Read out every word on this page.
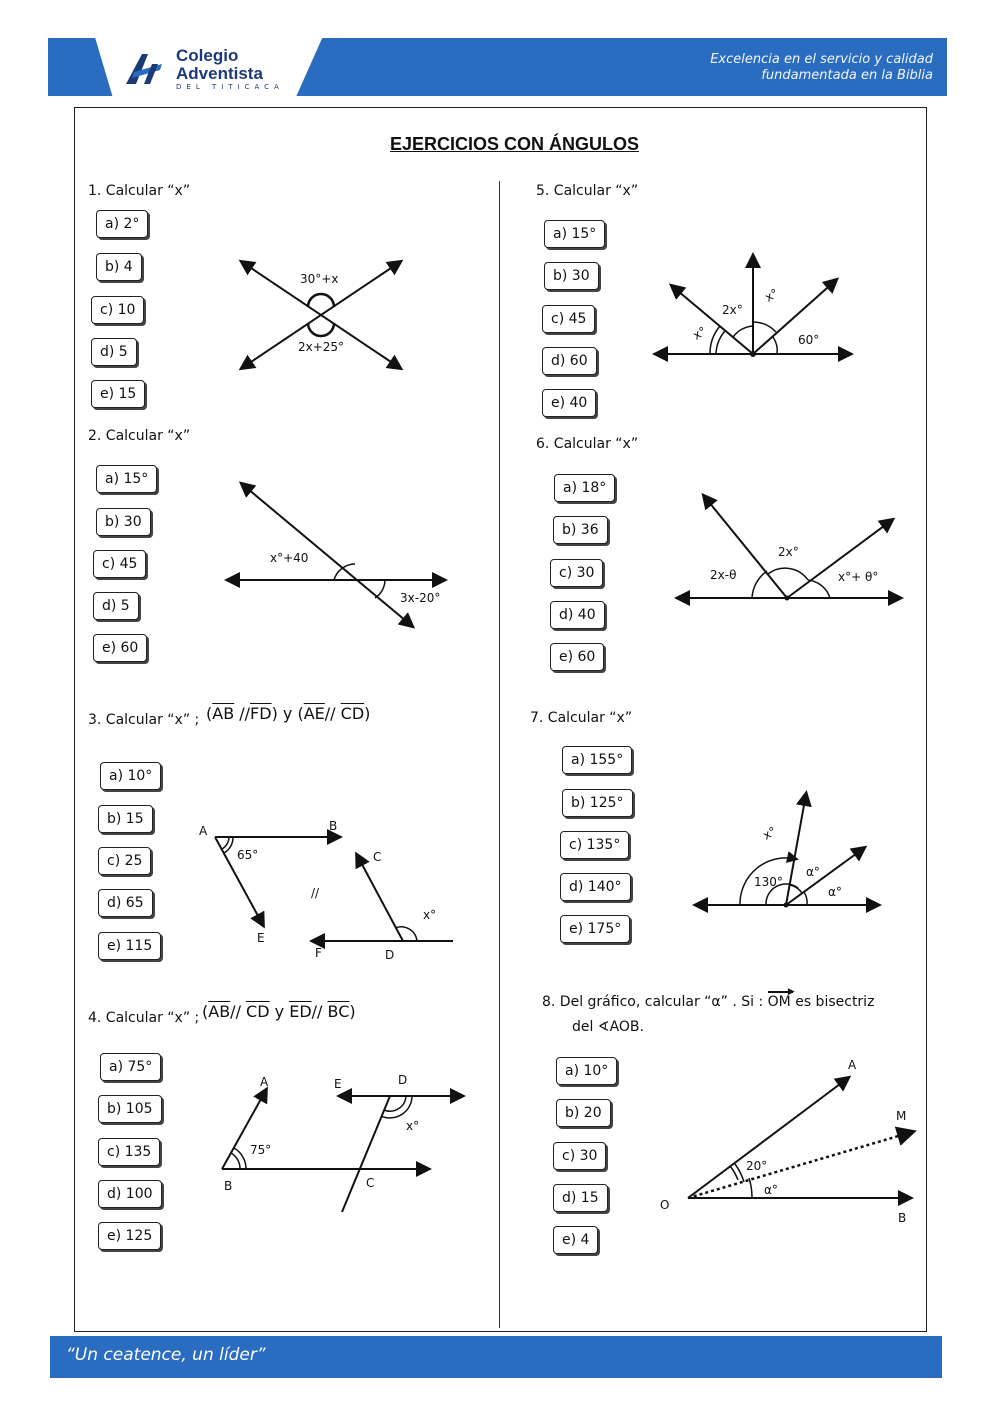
Colegio
Adventista
DEL TITICACA
Excelencia en el servicio y calidad
fundamentada en la Biblia
EJERCICIOS CON ÁNGULOS
1. Calcular “x”
a) 2°
b) 4
c) 10
d) 5
e) 15
30°+x
2x+25°
2. Calcular “x”
a) 15°
b) 30
c) 45
d) 5
e) 60
x°+40
3x-20°
3. Calcular “x” ; ($\overline{AB}$ $//\overline{FD}$) y ($\overline{AE}//$ $\overline{CD}$)
a) 10°
b) 15
c) 25
d) 65
e) 115
A	B
65°
E
C
//
x°
F	D
4. Calcular “x” ; ($\overline{AB}//$ $\overline{CD}$ y $\overline{ED}//$ $\overline{BC}$)
a) 75°
b) 105
c) 135
d) 100
e) 125
A
75°
B
E	D
x°
C
5. Calcular “x”
a) 15°
b) 30
c) 45
d) 60
e) 40
2x°
x°
x°	60°
6. Calcular “x”
a) 18°
b) 36
c) 30
d) 40
e) 60
2x°
2x-θ	x°+ θ°
7. Calcular “x”
a) 155°
b) 125°
c) 135°
d) 140°
e) 175°
x°
130°
α°
α°
8. Del gráfico, calcular “α” . Si :
▶
OM es bisectriz
del ∢AOB.
a) 10°
b) 20
c) 30
d) 15
e) 4
A
M
20°
α°
O
B
“Un ceatence, un líder”
